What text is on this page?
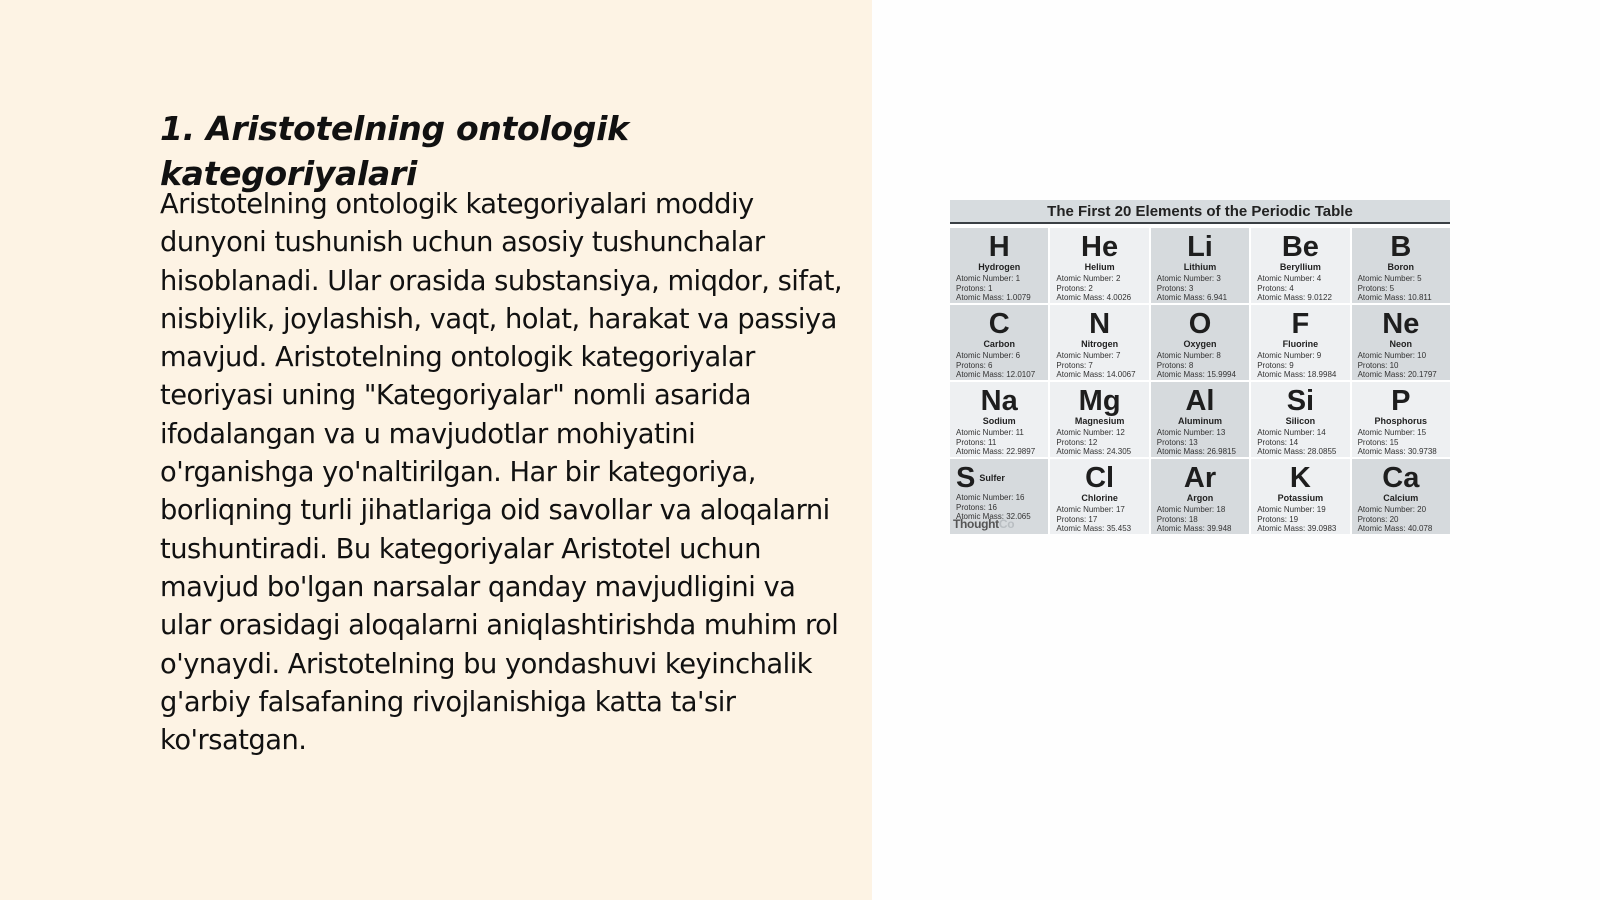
1. Aristotelning ontologik kategoriyalari

Aristotelning ontologik kategoriyalari moddiy dunyoni tushunish uchun asosiy tushunchalar hisoblanadi. Ular orasida substansiya, miqdor, sifat, nisbiylik, joylashish, vaqt, holat, harakat va passiya mavjud. Aristotelning ontologik kategoriyalar teoriyasi uning "Kategoriyalar" nomli asarida ifodalangan va u mavjudotlar mohiyatini o'rganishga yo'naltirilgan. Har bir kategoriya, borliqning turli jihatlariga oid savollar va aloqalarni tushuntiradi. Bu kategoriyalar Aristotel uchun mavjud bo'lgan narsalar qanday mavjudligini va ular orasidagi aloqalarni aniqlashtirishda muhim rol o'ynaydi. Aristotelning bu yondashuvi keyinchalik g'arbiy falsafaning rivojlanishiga katta ta'sir ko'rsatgan.

The First 20 Elements of the Periodic Table
H
Hydrogen
Atomic Number: 1
Protons: 1
Atomic Mass: 1.0079
He
Helium
Atomic Number: 2
Protons: 2
Atomic Mass: 4.0026
Li
Lithium
Atomic Number: 3
Protons: 3
Atomic Mass: 6.941
Be
Beryllium
Atomic Number: 4
Protons: 4
Atomic Mass: 9.0122
B
Boron
Atomic Number: 5
Protons: 5
Atomic Mass: 10.811
C
Carbon
Atomic Number: 6
Protons: 6
Atomic Mass: 12.0107
N
Nitrogen
Atomic Number: 7
Protons: 7
Atomic Mass: 14.0067
O
Oxygen
Atomic Number: 8
Protons: 8
Atomic Mass: 15.9994
F
Fluorine
Atomic Number: 9
Protons: 9
Atomic Mass: 18.9984
Ne
Neon
Atomic Number: 10
Protons: 10
Atomic Mass: 20.1797
Na
Sodium
Atomic Number: 11
Protons: 11
Atomic Mass: 22.9897
Mg
Magnesium
Atomic Number: 12
Protons: 12
Atomic Mass: 24.305
Al
Aluminum
Atomic Number: 13
Protons: 13
Atomic Mass: 26.9815
Si
Silicon
Atomic Number: 14
Protons: 14
Atomic Mass: 28.0855
P
Phosphorus
Atomic Number: 15
Protons: 15
Atomic Mass: 30.9738
S Sulfer
Atomic Number: 16
Protons: 16
Atomic Mass: 32.065
ThoughtCo
Cl
Chlorine
Atomic Number: 17
Protons: 17
Atomic Mass: 35.453
Ar
Argon
Atomic Number: 18
Protons: 18
Atomic Mass: 39.948
K
Potassium
Atomic Number: 19
Protons: 19
Atomic Mass: 39.0983
Ca
Calcium
Atomic Number: 20
Protons: 20
Atomic Mass: 40.078
